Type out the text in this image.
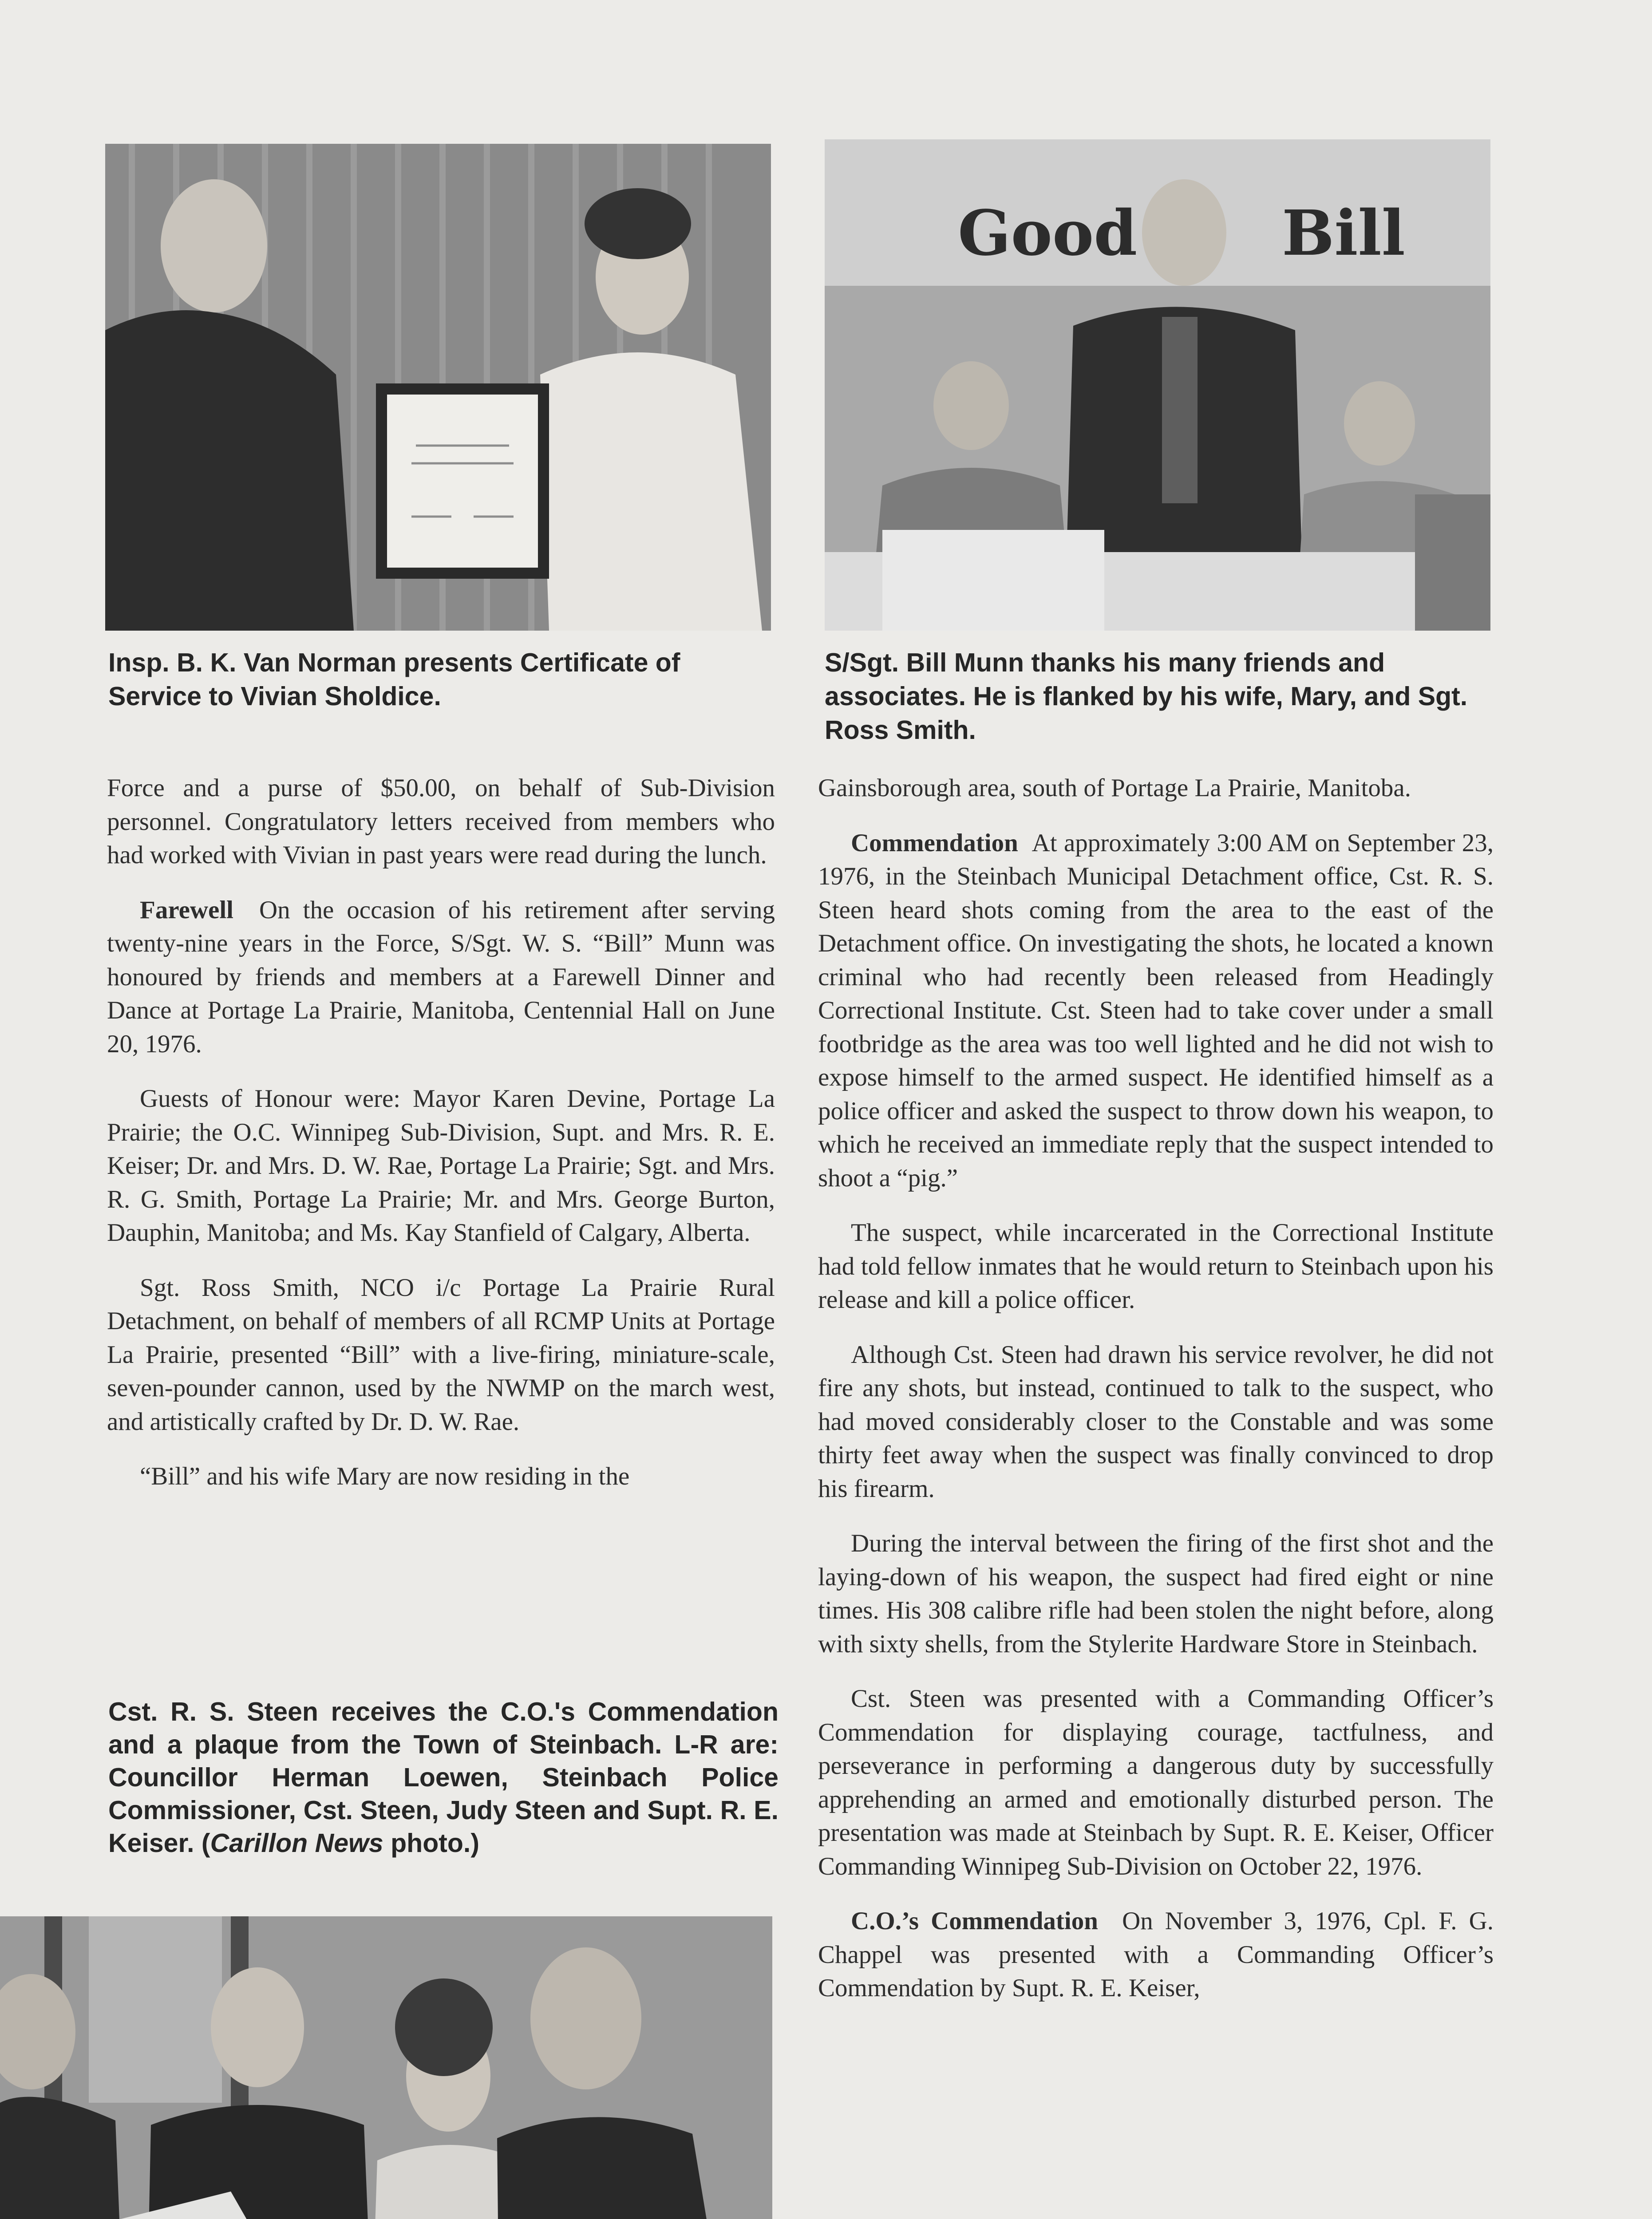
Good Bill
Insp. B. K. Van Norman presents Certificate of Service to Vivian Sholdice.
S/Sgt. Bill Munn thanks his many friends and associates. He is flanked by his wife, Mary, and Sgt. Ross Smith.

Force and a purse of $50.00, on behalf of Sub-Division personnel. Congratulatory letters received from members who had worked with Vivian in past years were read during the lunch.

Farewell On the occasion of his retirement after serving twenty-nine years in the Force, S/Sgt. W. S. “Bill” Munn was honoured by friends and members at a Farewell Dinner and Dance at Portage La Prairie, Manitoba, Centennial Hall on June 20, 1976.

Guests of Honour were: Mayor Karen Devine, Portage La Prairie; the O.C. Winnipeg Sub-Division, Supt. and Mrs. R. E. Keiser; Dr. and Mrs. D. W. Rae, Portage La Prairie; Sgt. and Mrs. R. G. Smith, Portage La Prairie; Mr. and Mrs. George Burton, Dauphin, Manitoba; and Ms. Kay Stanfield of Calgary, Alberta.

Sgt. Ross Smith, NCO i/c Portage La Prairie Rural Detachment, on behalf of members of all RCMP Units at Portage La Prairie, presented “Bill” with a live-firing, miniature-scale, seven-pounder cannon, used by the NWMP on the march west, and artistically crafted by Dr. D. W. Rae.

“Bill” and his wife Mary are now residing in the

Cst. R. S. Steen receives the C.O.'s Commendation and a plaque from the Town of Steinbach. L-R are: Councillor Herman Loewen, Steinbach Police Commissioner, Cst. Steen, Judy Steen and Supt. R. E. Keiser. (Carillon News photo.)

Gainsborough area, south of Portage La Prairie, Manitoba.

Commendation At approximately 3:00 AM on September 23, 1976, in the Steinbach Municipal Detachment office, Cst. R. S. Steen heard shots coming from the area to the east of the Detachment office. On investigating the shots, he located a known criminal who had recently been released from Headingly Correctional Institute. Cst. Steen had to take cover under a small footbridge as the area was too well lighted and he did not wish to expose himself to the armed suspect. He identified himself as a police officer and asked the suspect to throw down his weapon, to which he received an immediate reply that the suspect intended to shoot a “pig.”

The suspect, while incarcerated in the Correctional Institute had told fellow inmates that he would return to Steinbach upon his release and kill a police officer.

Although Cst. Steen had drawn his service revolver, he did not fire any shots, but instead, continued to talk to the suspect, who had moved considerably closer to the Constable and was some thirty feet away when the suspect was finally convinced to drop his firearm.

During the interval between the firing of the first shot and the laying-down of his weapon, the suspect had fired eight or nine times. His 308 calibre rifle had been stolen the night before, along with sixty shells, from the Stylerite Hardware Store in Steinbach.

Cst. Steen was presented with a Commanding Officer’s Commendation for displaying courage, tactfulness, and perseverance in performing a dangerous duty by successfully apprehending an armed and emotionally disturbed person. The presentation was made at Steinbach by Supt. R. E. Keiser, Officer Commanding Winnipeg Sub-Division on October 22, 1976.

C.O.’s Commendation On November 3, 1976, Cpl. F. G. Chappel was presented with a Commanding Officer’s Commendation by Supt. R. E. Keiser,
